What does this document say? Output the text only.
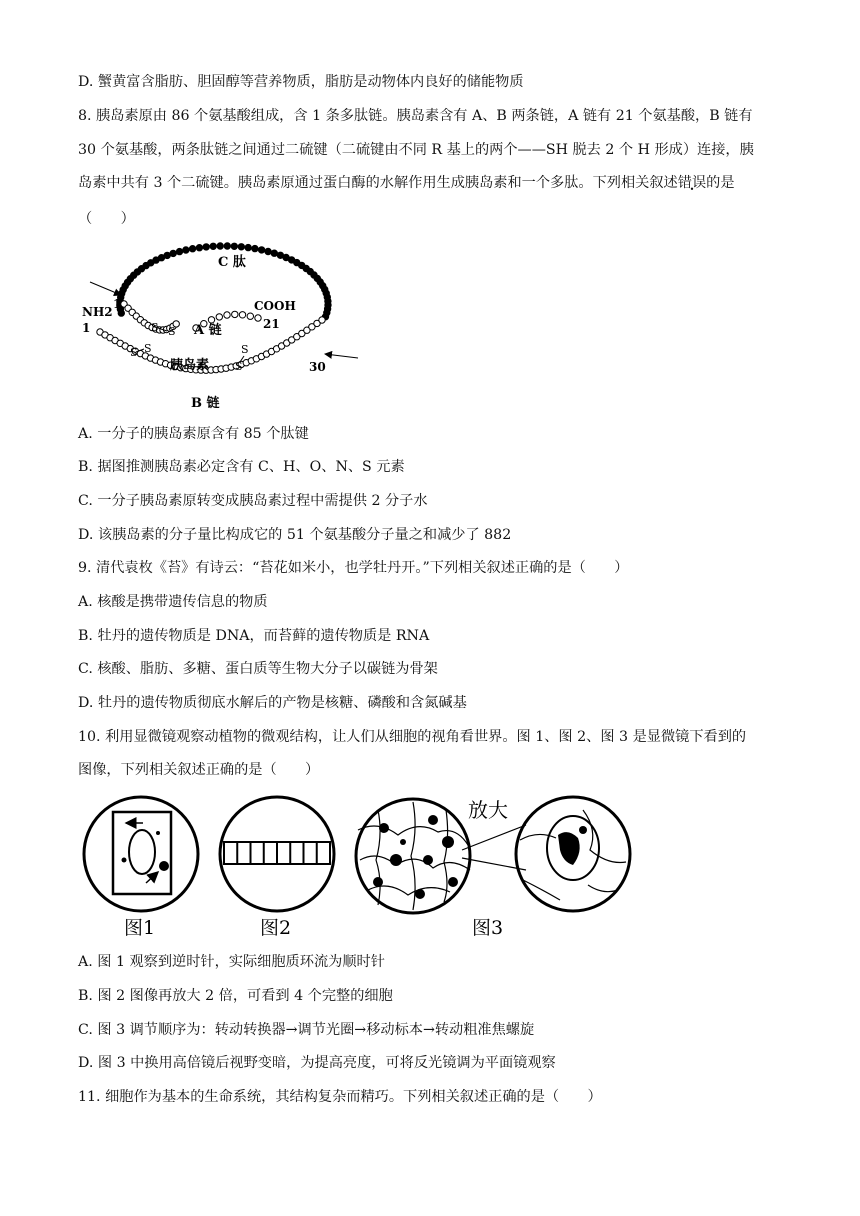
D. 蟹黄富含脂肪、胆固醇等营养物质，脂肪是动物体内良好的储能物质
8. 胰岛素原由 86 个氨基酸组成，含 1 条多肽链。胰岛素含有 A、B 两条链，A 链有 21 个氨基酸，B 链有
30 个氨基酸，两条肽链之间通过二硫键（二硫键由不同 R 基上的两个——SH 脱去 2 个 H 形成）连接，胰
岛素中共有 3 个二硫键。胰岛素原通过蛋白酶的水解作用生成胰岛素和一个多肽。下列相关叙述错误的是
（　　）
C 肽
NH2
1
1	COOH
21
30
A 链
胰岛素
B 链
S S
S S	S
S
A. 一分子的胰岛素原含有 85 个肽键
B. 据图推测胰岛素必定含有 C、H、O、N、S 元素
C. 一分子胰岛素原转变成胰岛素过程中需提供 2 分子水
D. 该胰岛素的分子量比构成它的 51 个氨基酸分子量之和减少了 882
9. 清代袁枚《苔》有诗云：“苔花如米小，也学牡丹开。”下列相关叙述正确的是（　　）
A. 核酸是携带遗传信息的物质
B. 牡丹的遗传物质是 DNA，而苔藓的遗传物质是 RNA
C. 核酸、脂肪、多糖、蛋白质等生物大分子以碳链为骨架
D. 牡丹的遗传物质彻底水解后的产物是核糖、磷酸和含氮碱基
10. 利用显微镜观察动植物的微观结构，让人们从细胞的视角看世界。图 1、图 2、图 3 是显微镜下看到的
图像，下列相关叙述正确的是（　　）
放大
图1	图2	图3
A. 图 1 观察到逆时针，实际细胞质环流为顺时针
B. 图 2 图像再放大 2 倍，可看到 4 个完整的细胞
C. 图 3 调节顺序为：转动转换器→调节光圈→移动标本→转动粗准焦螺旋
D. 图 3 中换用高倍镜后视野变暗，为提高亮度，可将反光镜调为平面镜观察
11. 细胞作为基本的生命系统，其结构复杂而精巧。下列相关叙述正确的是（　　）
